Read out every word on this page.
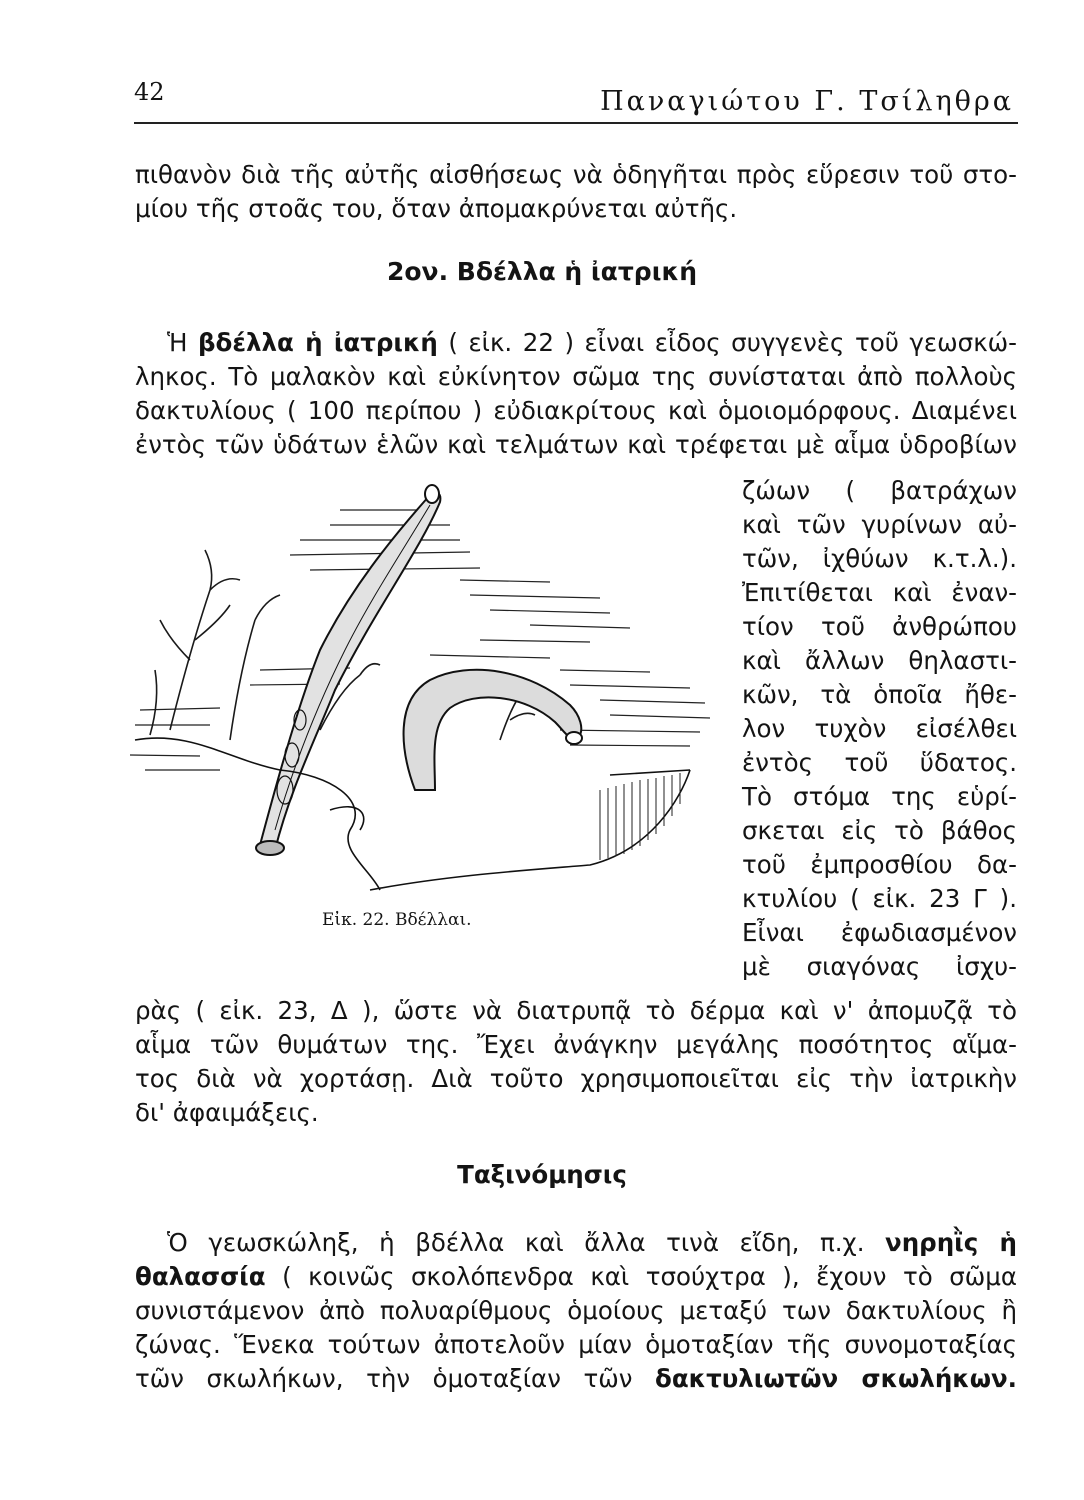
42	Παναγιώτου Γ. Τσίληθρα

πιθανὸν διὰ τῆς αὐτῆς αἰσθήσεως νὰ ὁδηγῆται πρὸς εὕρεσιν τοῦ στο-
μίου τῆς στοᾶς του, ὅταν ἀπομακρύνεται αὐτῆς.

2ον. Βδέλλα ἡ ἰατρική

Ἡ βδέλλα ἡ ἰατρική ( εἰκ. 22 ) εἶναι εἶδος συγγενὲς τοῦ γεωσκώ-
ληκος. Τὸ μαλακὸν καὶ εὐκίνητον σῶμα της συνίσταται ἀπὸ πολλοὺς
δακτυλίους ( 100 περίπου ) εὐδιακρίτους καὶ ὁμοιομόρφους. Διαμένει
ἐντὸς τῶν ὑδάτων ἑλῶν καὶ τελμάτων καὶ τρέφεται μὲ αἷμα ὑδροβίων

ζώων ( βατράχων
καὶ τῶν γυρίνων αὐ-
τῶν, ἰχθύων κ.τ.λ.).
Ἐπιτίθεται καὶ ἐναν-
τίον τοῦ ἀνθρώπου
καὶ ἄλλων θηλαστι-
κῶν, τὰ ὁποῖα ἤθε-
λον τυχὸν εἰσέλθει
ἐντὸς τοῦ ὕδατος.
Τὸ στόμα της εὑρί-
σκεται εἰς τὸ βάθος
τοῦ ἐμπροσθίου δα-
κτυλίου ( εἰκ. 23 Γ ).
Εἶναι ἐφωδιασμένον
μὲ σιαγόνας ἰσχυ-

Εἰκ. 22. Βδέλλαι.

ρὰς ( εἰκ. 23, Δ ), ὥστε νὰ διατρυπᾷ τὸ δέρμα καὶ ν' ἀπομυζᾷ τὸ
αἷμα τῶν θυμάτων της. Ἔχει ἀνάγκην μεγάλης ποσότητος αἵμα-
τος διὰ νὰ χορτάσῃ. Διὰ τοῦτο χρησιμοποιεῖται εἰς τὴν ἰατρικὴν
δι' ἀφαιμάξεις.

Ταξινόμησις

Ὁ γεωσκώληξ, ἡ βδέλλα καὶ ἄλλα τινὰ εἴδη, π.χ. νηρηῒς ἡ
θαλασσία ( κοινῶς σκολόπενδρα καὶ τσούχτρα ), ἔχουν τὸ σῶμα
συνιστάμενον ἀπὸ πολυαρίθμους ὁμοίους μεταξύ των δακτυλίους ἢ
ζώνας. Ἕνεκα τούτων ἀποτελοῦν μίαν ὁμοταξίαν τῆς συνομοταξίας
τῶν σκωλήκων, τὴν ὁμοταξίαν τῶν δακτυλιωτῶν σκωλήκων.
